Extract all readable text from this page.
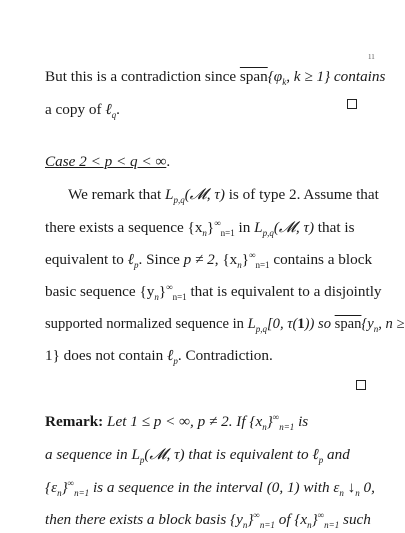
11
But this is a contradiction since $span\{\varphi_k$, k ≥ 1} contains
a copy of ℓ$_q$.
Case 2 < p < q < ∞.
We remark that $L_{p,q}(𝓜$, τ) is of type 2. Assume that
there exists a sequence $\{x_n\}^\infty_{n=1}$ in $L_{p,q}(𝓜$, τ) that is
equivalent to ℓ$_p$. Since p ≠ 2, $\{x_n\}^\infty_{n=1}$ contains a block
basic sequence $\{y_n\}^\infty_{n=1}$ that is equivalent to a disjointly
supported normalized sequence in $L_{p,q}[0$, τ(1)) so $span\{y_n$, n ≥
1} does not contain ℓ$_p$. Contradiction.
Remark: Let 1 ≤ p < ∞, p ≠ 2. If $\{x_n\}^\infty_{n=1}$ is
a sequence in $L_p(𝓜$, τ) that is equivalent to ℓ$_p$ and
$\{\varepsilon_n\}^\infty_{n=1}$ is a sequence in the interval (0, 1) with $\varepsilon_n$ $↓_n$ 0,
then there exists a block basis $\{y_n\}^\infty_{n=1}$ of $\{x_n\}^\infty_{n=1}$ such
